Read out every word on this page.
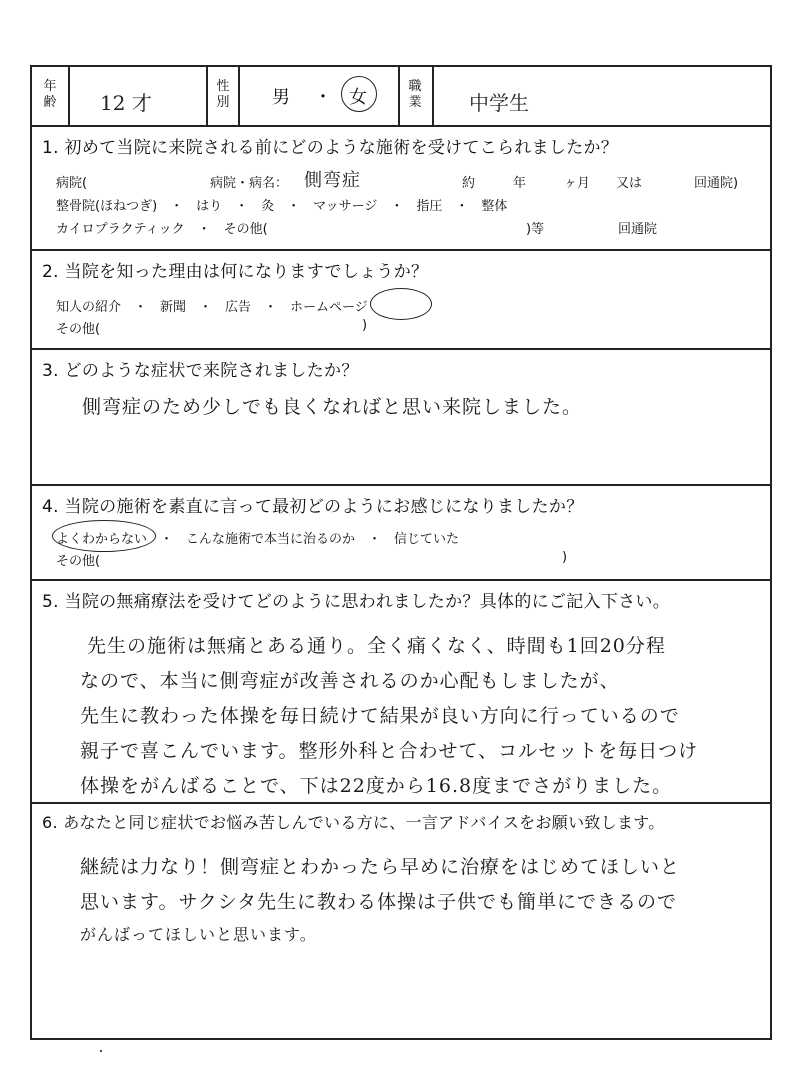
年
齢	12 才
性
別	男 ・ 女
職
業	中学生
1. 初めて当院に来院される前にどのような施術を受けてこられましたか？
病院(	病院・病名： 側弯症	約	年	ヶ月 又は	回通院)
整骨院(ほねつぎ)　・　はり　・　灸　・　マッサージ　・　指圧　・　整体
カイロプラクティック　・　その他(	)等	回通院
2. 当院を知った理由は何になりますでしょうか？
知人の紹介　・　新聞　・　広告　・　ホームページ
その他(	)
3. どのような症状で来院されましたか？
側弯症のため少しでも良くなればと思い来院しました。
4. 当院の施術を素直に言って最初どのようにお感じになりましたか？
よくわからない　・　こんな施術で本当に治るのか　・　信じていた
その他(	)
5. 当院の無痛療法を受けてどのように思われましたか？具体的にご記入下さい。
先生の施術は無痛とある通り。全く痛くなく、時間も1回20分程
なので、本当に側弯症が改善されるのか心配もしましたが、
先生に教わった体操を毎日続けて結果が良い方向に行っているので
親子で喜こんでいます。整形外科と合わせて、コルセットを毎日つけ
体操をがんばることで、下は22度から16.8度までさがりました。
6. あなたと同じ症状でお悩み苦しんでいる方に、一言アドバイスをお願い致します。
継続は力なり！側弯症とわかったら早めに治療をはじめてほしいと
思います。サクシタ先生に教わる体操は子供でも簡単にできるので
がんばってほしいと思います。
